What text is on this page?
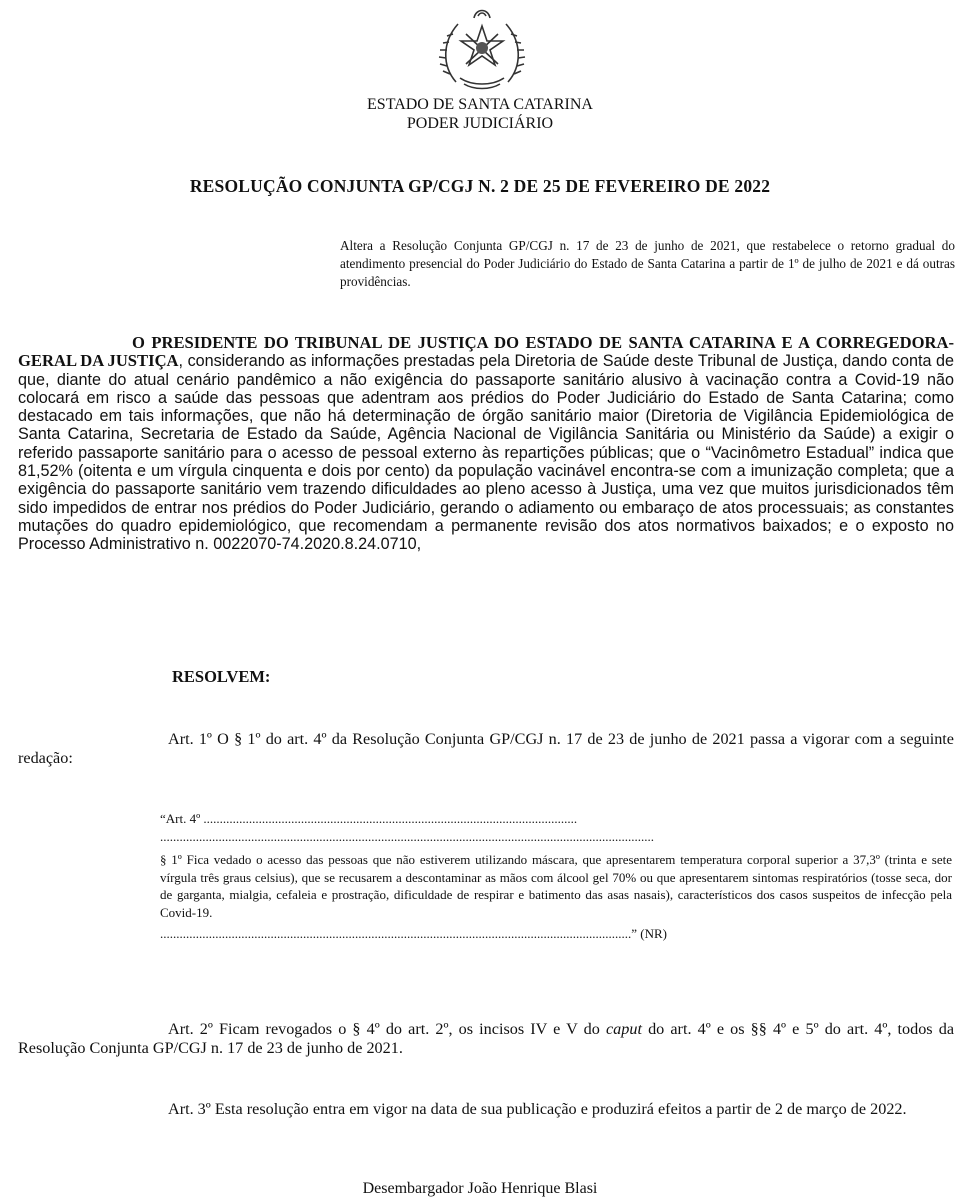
ESTADO DE SANTA CATARINA
PODER JUDICIÁRIO
RESOLUÇÃO CONJUNTA GP/CGJ N. 2 DE 25 DE FEVEREIRO DE 2022
Altera a Resolução Conjunta GP/CGJ n. 17 de 23 de junho de 2021, que restabelece o retorno gradual do atendimento presencial do Poder Judiciário do Estado de Santa Catarina a partir de 1º de julho de 2021 e dá outras providências.
O PRESIDENTE DO TRIBUNAL DE JUSTIÇA DO ESTADO DE SANTA CATARINA E A CORREGEDORA-GERAL DA JUSTIÇA, considerando as informações prestadas pela Diretoria de Saúde deste Tribunal de Justiça, dando conta de que, diante do atual cenário pandêmico a não exigência do passaporte sanitário alusivo à vacinação contra a Covid-19 não colocará em risco a saúde das pessoas que adentram aos prédios do Poder Judiciário do Estado de Santa Catarina; como destacado em tais informações, que não há determinação de órgão sanitário maior (Diretoria de Vigilância Epidemiológica de Santa Catarina, Secretaria de Estado da Saúde, Agência Nacional de Vigilância Sanitária ou Ministério da Saúde) a exigir o referido passaporte sanitário para o acesso de pessoal externo às repartições públicas; que o “Vacinômetro Estadual” indica que 81,52% (oitenta e um vírgula cinquenta e dois por cento) da população vacinável encontra-se com a imunização completa; que a exigência do passaporte sanitário vem trazendo dificuldades ao pleno acesso à Justiça, uma vez que muitos jurisdicionados têm sido impedidos de entrar nos prédios do Poder Judiciário, gerando o adiamento ou embaraço de atos processuais; as constantes mutações do quadro epidemiológico, que recomendam a permanente revisão dos atos normativos baixados; e o exposto no Processo Administrativo n. 0022070-74.2020.8.24.0710,
RESOLVEM:
Art. 1º O § 1º do art. 4º da Resolução Conjunta GP/CGJ n. 17 de 23 de junho de 2021 passa a vigorar com a seguinte redação:
“Art. 4º ...................................................................................................................
........................................................................................................................................................
§ 1º Fica vedado o acesso das pessoas que não estiverem utilizando máscara, que apresentarem temperatura corporal superior a 37,3º (trinta e sete vírgula três graus celsius), que se recusarem a descontaminar as mãos com álcool gel 70% ou que apresentarem sintomas respiratórios (tosse seca, dor de garganta, mialgia, cefaleia e prostração, dificuldade de respirar e batimento das asas nasais), característicos dos casos suspeitos de infecção pela Covid-19.
.................................................................................................................................................” (NR)
Art. 2º Ficam revogados o § 4º do art. 2º, os incisos IV e V do caput do art. 4º e os §§ 4º e 5º do art. 4º, todos da Resolução Conjunta GP/CGJ n. 17 de 23 de junho de 2021.
Art. 3º Esta resolução entra em vigor na data de sua publicação e produzirá efeitos a partir de 2 de março de 2022.
Desembargador João Henrique Blasi
